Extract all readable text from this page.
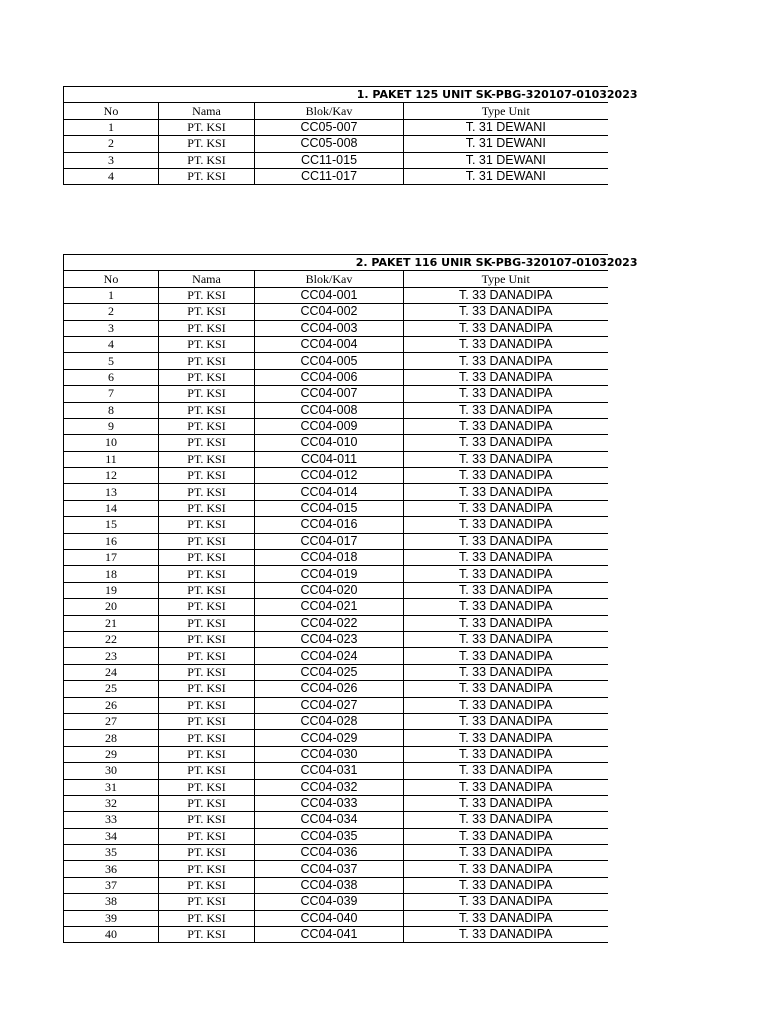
1. PAKET 125 UNIT SK-PBG-320107-01032023			

No	Nama	Blok/Kav	Type Unit
1	PT. KSI	CC05-007	T. 31 DEWANI
2	PT. KSI	CC05-008	T. 31 DEWANI
3	PT. KSI	CC11-015	T. 31 DEWANI
4	PT. KSI	CC11-017	T. 31 DEWANI
2. PAKET 116 UNIR SK-PBG-320107-01032023			

No	Nama	Blok/Kav	Type Unit
1	PT. KSI	CC04-001	T. 33 DANADIPA
2	PT. KSI	CC04-002	T. 33 DANADIPA
3	PT. KSI	CC04-003	T. 33 DANADIPA
4	PT. KSI	CC04-004	T. 33 DANADIPA
5	PT. KSI	CC04-005	T. 33 DANADIPA
6	PT. KSI	CC04-006	T. 33 DANADIPA
7	PT. KSI	CC04-007	T. 33 DANADIPA
8	PT. KSI	CC04-008	T. 33 DANADIPA
9	PT. KSI	CC04-009	T. 33 DANADIPA
10	PT. KSI	CC04-010	T. 33 DANADIPA
11	PT. KSI	CC04-011	T. 33 DANADIPA
12	PT. KSI	CC04-012	T. 33 DANADIPA
13	PT. KSI	CC04-014	T. 33 DANADIPA
14	PT. KSI	CC04-015	T. 33 DANADIPA
15	PT. KSI	CC04-016	T. 33 DANADIPA
16	PT. KSI	CC04-017	T. 33 DANADIPA
17	PT. KSI	CC04-018	T. 33 DANADIPA
18	PT. KSI	CC04-019	T. 33 DANADIPA
19	PT. KSI	CC04-020	T. 33 DANADIPA
20	PT. KSI	CC04-021	T. 33 DANADIPA
21	PT. KSI	CC04-022	T. 33 DANADIPA
22	PT. KSI	CC04-023	T. 33 DANADIPA
23	PT. KSI	CC04-024	T. 33 DANADIPA
24	PT. KSI	CC04-025	T. 33 DANADIPA
25	PT. KSI	CC04-026	T. 33 DANADIPA
26	PT. KSI	CC04-027	T. 33 DANADIPA
27	PT. KSI	CC04-028	T. 33 DANADIPA
28	PT. KSI	CC04-029	T. 33 DANADIPA
29	PT. KSI	CC04-030	T. 33 DANADIPA
30	PT. KSI	CC04-031	T. 33 DANADIPA
31	PT. KSI	CC04-032	T. 33 DANADIPA
32	PT. KSI	CC04-033	T. 33 DANADIPA
33	PT. KSI	CC04-034	T. 33 DANADIPA
34	PT. KSI	CC04-035	T. 33 DANADIPA
35	PT. KSI	CC04-036	T. 33 DANADIPA
36	PT. KSI	CC04-037	T. 33 DANADIPA
37	PT. KSI	CC04-038	T. 33 DANADIPA
38	PT. KSI	CC04-039	T. 33 DANADIPA
39	PT. KSI	CC04-040	T. 33 DANADIPA
40	PT. KSI	CC04-041	T. 33 DANADIPA
